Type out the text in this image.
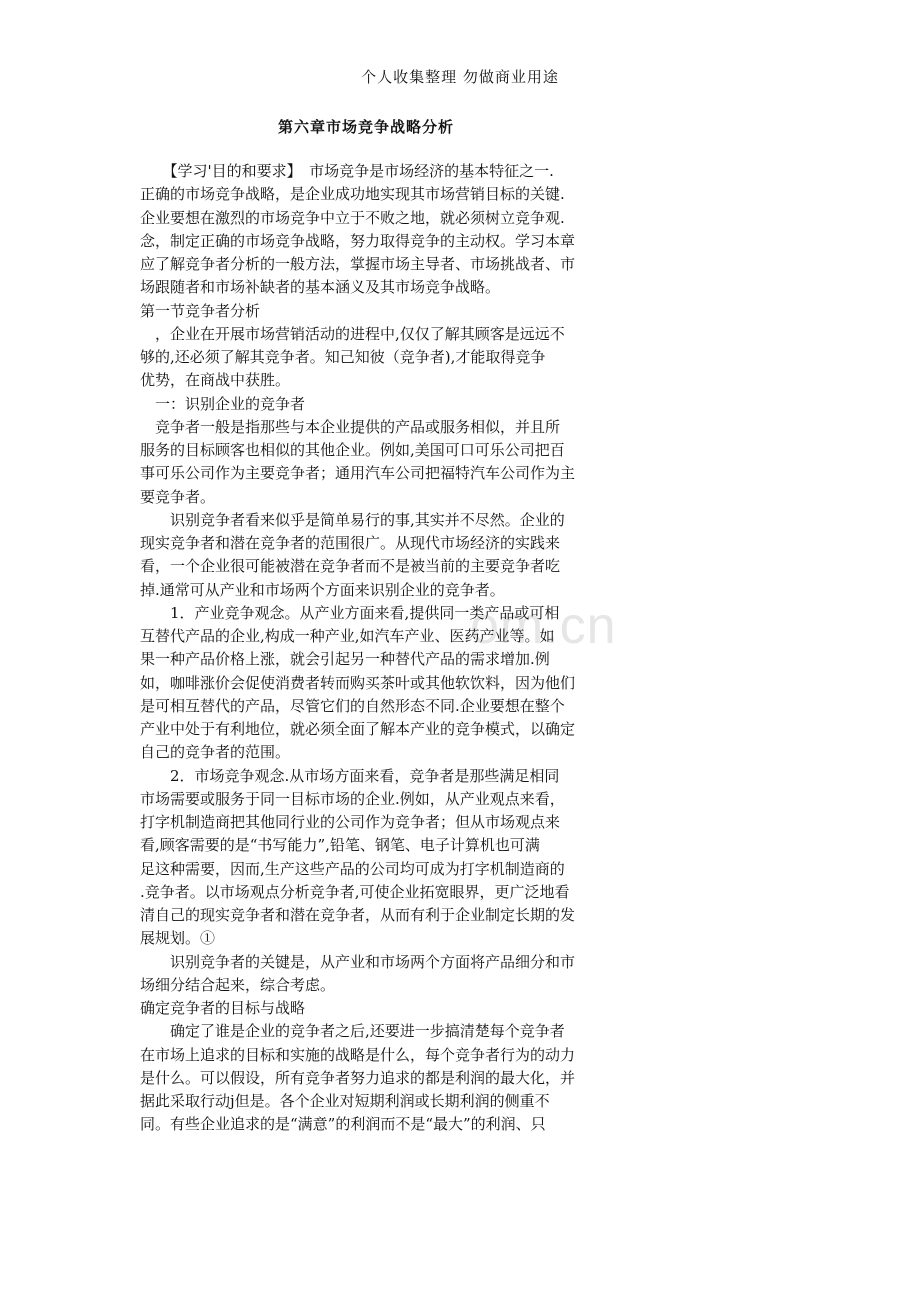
om.cn
个人收集整理 勿做商业用途
第六章市场竞争战略分析
　　【学习'目的和要求】　市场竞争是市场经济的基本特征之一.
正确的市场竞争战略，是企业成功地实现其市场营销目标的关键.
企业要想在激烈的市场竞争中立于不败之地，就必须树立竞争观.
念，制定正确的市场竞争战略，努力取得竞争的主动权。学习本章
应了解竞争者分析的一般方法，掌握市场主导者、市场挑战者、市
场跟随者和市场补缺者的基本涵义及其市场竞争战略。
第一节竞争者分析
　，企业在开展市场营销活动的进程中,仅仅了解其顾客是远远不
够的,还必须了解其竞争者。知己知彼（竞争者),才能取得竞争
优势，在商战中获胜。
　一：识别企业的竞争者
　竞争者一般是指那些与本企业提供的产品或服务相似，并且所
服务的目标顾客也相似的其他企业。例如,美国可口可乐公司把百
事可乐公司作为主要竞争者；通用汽车公司把福特汽车公司作为主
要竞争者。
　　识别竞争者看来似乎是简单易行的事,其实并不尽然。企业的
现实竞争者和潜在竞争者的范围很广。从现代市场经济的实践来
看，一个企业很可能被潜在竞争者而不是被当前的主要竞争者吃
掉.通常可从产业和市场两个方面来识别企业的竞争者。
　　1．产业竞争观念。从产业方面来看,提供同一类产品或可相
互替代产品的企业,构成一种产业,如汽车产业、医药产业等。如
果一种产品价格上涨，就会引起另一种替代产品的需求增加.例
如，咖啡涨价会促使消费者转而购买茶叶或其他软饮料，因为他们
是可相互替代的产品，尽管它们的自然形态不同.企业要想在整个
产业中处于有利地位，就必须全面了解本产业的竞争模式，以确定
自己的竞争者的范围。
　　2．市场竞争观念.从市场方面来看，竞争者是那些满足相同
市场需要或服务于同一目标市场的企业.例如，从产业观点来看，
打字机制造商把其他同行业的公司作为竞争者；但从市场观点来
看,顾客需要的是“书写能力”,铅笔、钢笔、电子计算机也可满
足这种需要，因而,生产这些产品的公司均可成为打字机制造商的
.竞争者。以市场观点分析竞争者,可使企业拓宽眼界，更广泛地看
清自己的现实竞争者和潜在竞争者，从而有利于企业制定长期的发
展规划。①
　　识别竞争者的关键是，从产业和市场两个方面将产品细分和市
场细分结合起来，综合考虑。
确定竞争者的目标与战略
　　确定了谁是企业的竞争者之后,还要进一步搞清楚每个竞争者
在市场上追求的目标和实施的战略是什么，每个竞争者行为的动力
是什么。可以假设，所有竞争者努力追求的都是利润的最大化，并
据此采取行动j但是。各个企业对短期利润或长期利润的侧重不
同。有些企业追求的是“满意”的利润而不是“最大”的利润、只
